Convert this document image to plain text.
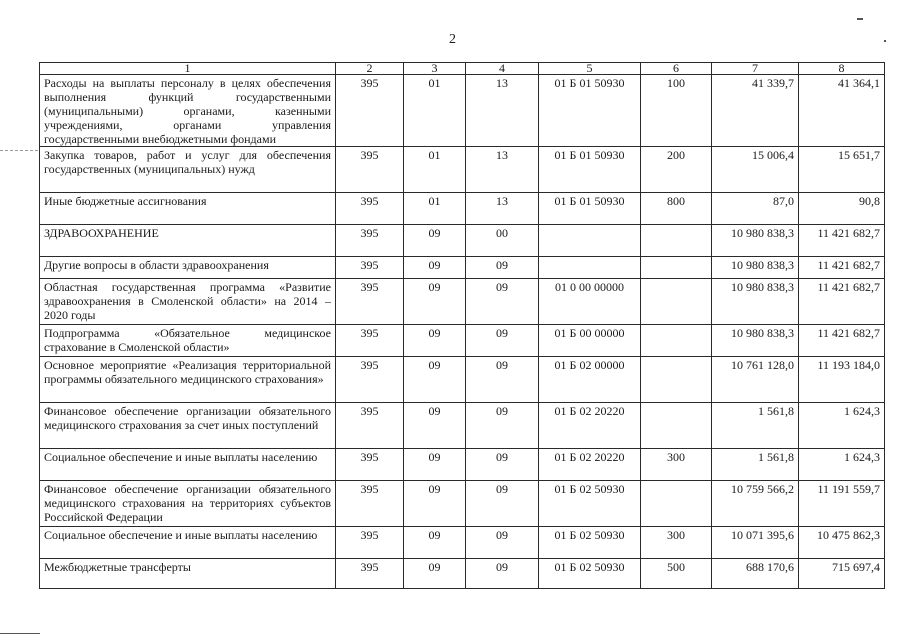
2
1	2	3	4	5	6	7	8
Расходы на выплаты персоналу в целях обеспечения выполнения функций государственными (муниципальными) органами, казенными учреждениями, органами управления государственными внебюджетными фондами	395	01	13	01 Б 01 50930	100	41 339,7	41 364,1
Закупка товаров, работ и услуг для обеспечения государственных (муниципальных) нужд	395	01	13	01 Б 01 50930	200	15 006,4	15 651,7
Иные бюджетные ассигнования	395	01	13	01 Б 01 50930	800	87,0	90,8
ЗДРАВООХРАНЕНИЕ	395	09	00			10 980 838,3	11 421 682,7
Другие вопросы в области здравоохранения	395	09	09			10 980 838,3	11 421 682,7
Областная государственная программа «Развитие здравоохранения в Смоленской области» на 2014 – 2020 годы	395	09	09	01 0 00 00000		10 980 838,3	11 421 682,7
Подпрограмма «Обязательное медицинское страхование в Смоленской области»	395	09	09	01 Б 00 00000		10 980 838,3	11 421 682,7
Основное мероприятие «Реализация территориальной программы обязательного медицинского страхования»	395	09	09	01 Б 02 00000		10 761 128,0	11 193 184,0
Финансовое обеспечение организации обязательного медицинского страхования за счет иных поступлений	395	09	09	01 Б 02 20220		1 561,8	1 624,3
Социальное обеспечение и иные выплаты населению	395	09	09	01 Б 02 20220	300	1 561,8	1 624,3
Финансовое обеспечение организации обязательного медицинского страхования на территориях субъектов Российской Федерации	395	09	09	01 Б 02 50930		10 759 566,2	11 191 559,7
Социальное обеспечение и иные выплаты населению	395	09	09	01 Б 02 50930	300	10 071 395,6	10 475 862,3
Межбюджетные трансферты	395	09	09	01 Б 02 50930	500	688 170,6	715 697,4
